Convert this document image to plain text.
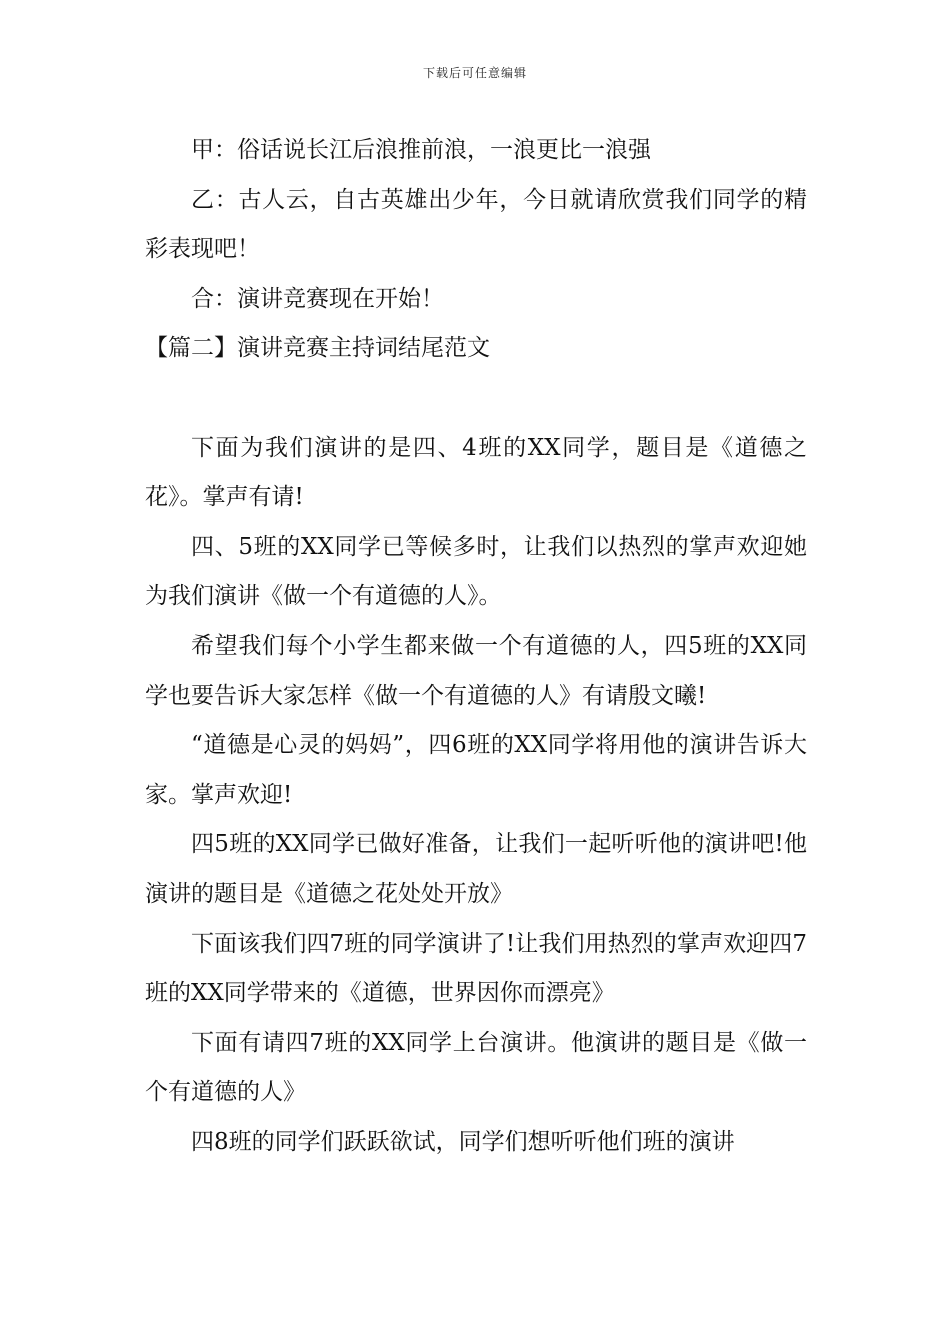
下载后可任意编辑

甲：俗话说长江后浪推前浪，一浪更比一浪强

乙：古人云，自古英雄出少年，今日就请欣赏我们同学的精彩表现吧！

合：演讲竞赛现在开始！

【篇二】演讲竞赛主持词结尾范文

下面为我们演讲的是四、4班的XX同学，题目是《道德之花》。掌声有请!

四、5班的XX同学已等候多时，让我们以热烈的掌声欢迎她为我们演讲《做一个有道德的人》。

希望我们每个小学生都来做一个有道德的人，四5班的XX同学也要告诉大家怎样《做一个有道德的人》有请殷文曦!

“道德是心灵的妈妈”，四6班的XX同学将用他的演讲告诉大家。掌声欢迎!

四5班的XX同学已做好准备，让我们一起听听他的演讲吧!他演讲的题目是《道德之花处处开放》

下面该我们四7班的同学演讲了!让我们用热烈的掌声欢迎四7班的XX同学带来的《道德，世界因你而漂亮》

下面有请四7班的XX同学上台演讲。他演讲的题目是《做一个有道德的人》

四8班的同学们跃跃欲试，同学们想听听他们班的演讲
